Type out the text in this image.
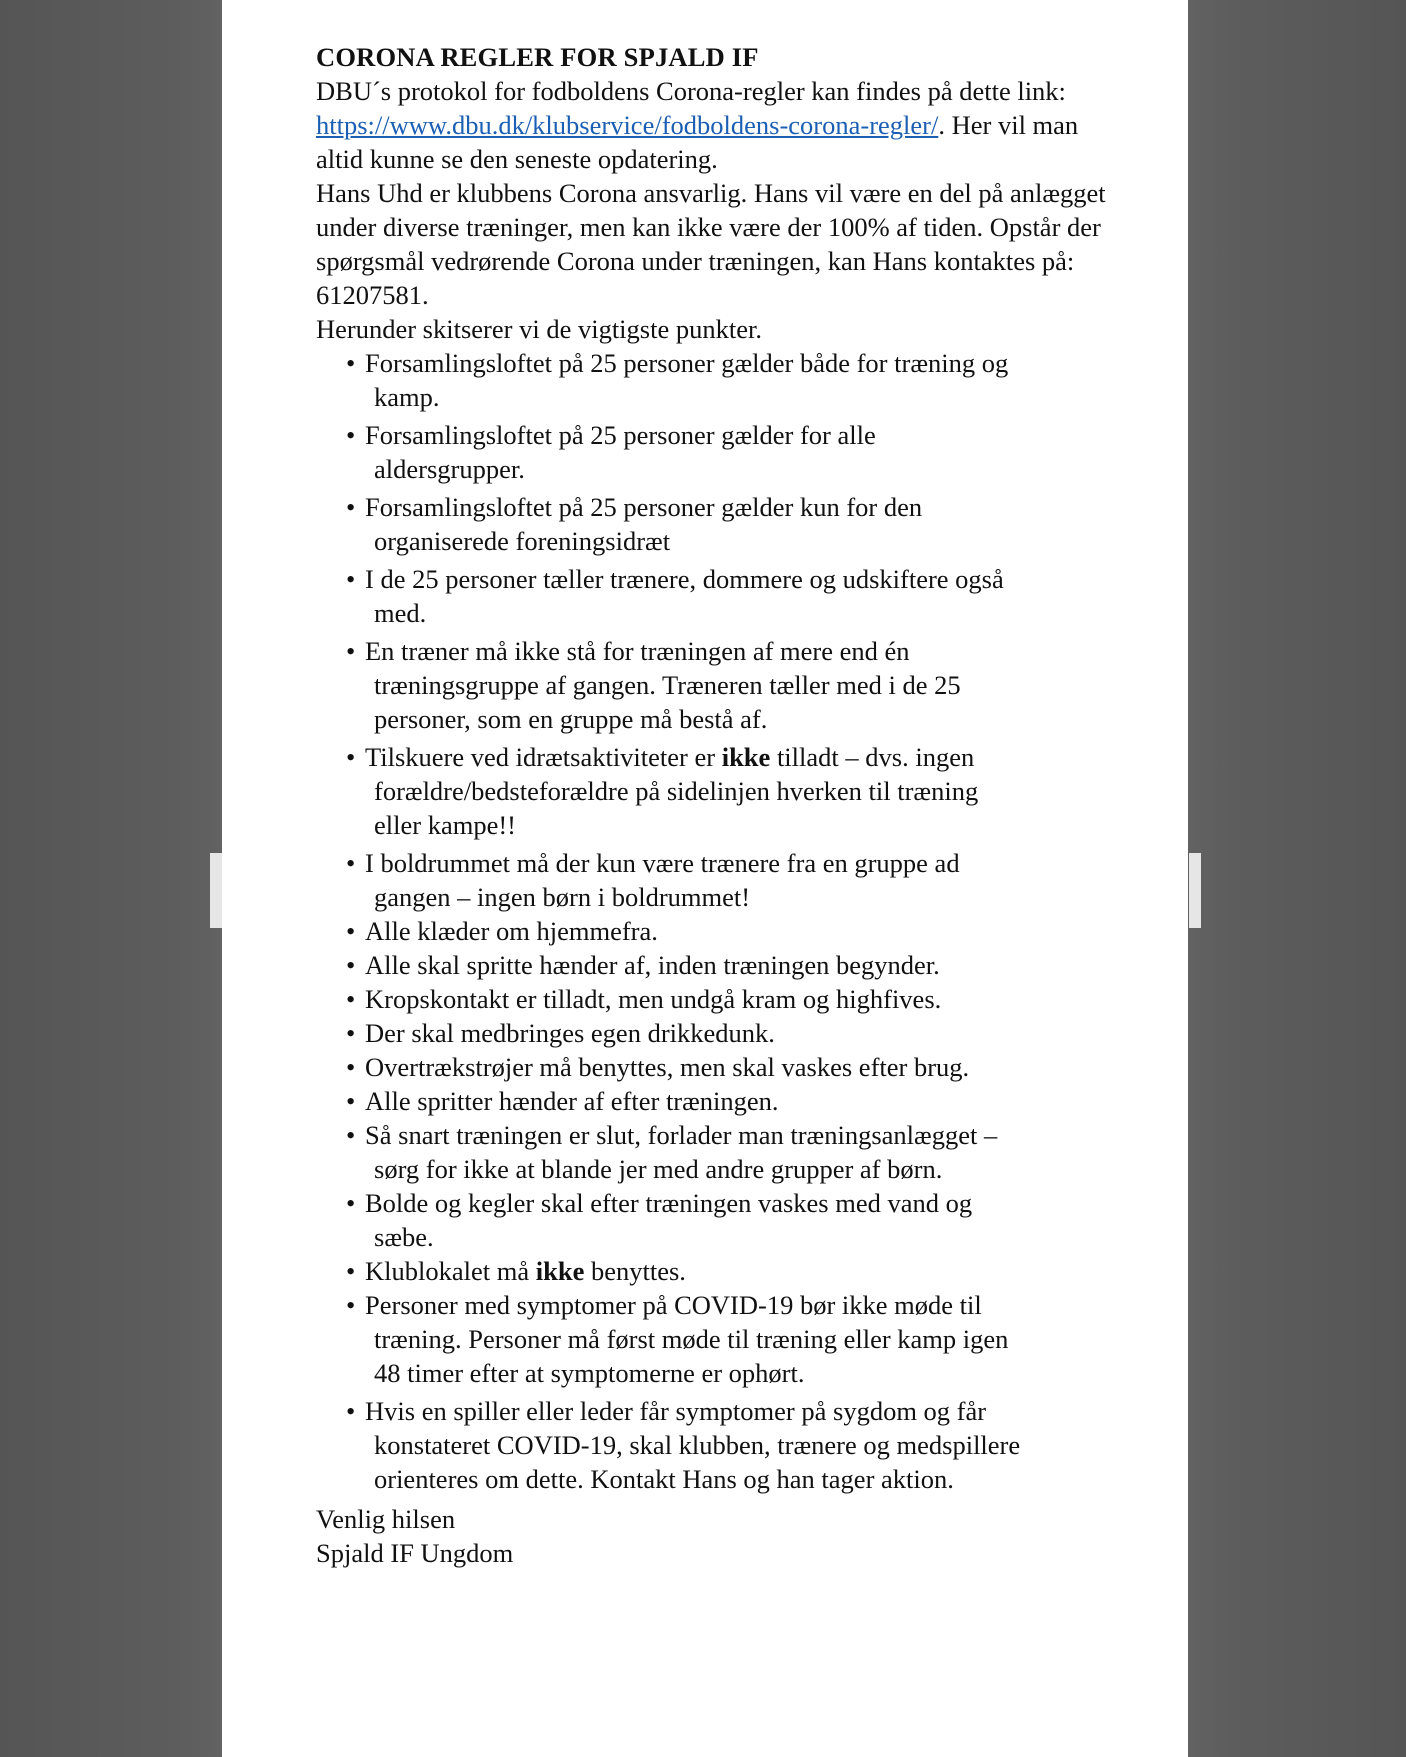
CORONA REGLER FOR SPJALD IF

DBU´s protokol for fodboldens Corona-regler kan findes på dette link:
https://www.dbu.dk/klubservice/fodboldens-corona-regler/. Her vil man altid kunne se den seneste opdatering.

Hans Uhd er klubbens Corona ansvarlig. Hans vil være en del på anlægget under diverse træninger, men kan ikke være der 100% af tiden. Opstår der spørgsmål vedrørende Corona under træningen, kan Hans kontaktes på: 61207581.

Herunder skitserer vi de vigtigste punkter.

• Forsamlingsloftet på 25 personer gælder både for træning og
kamp.
• Forsamlingsloftet på 25 personer gælder for alle
aldersgrupper.
• Forsamlingsloftet på 25 personer gælder kun for den
organiserede foreningsidræt
• I de 25 personer tæller trænere, dommere og udskiftere også
med.
• En træner må ikke stå for træningen af mere end én
træningsgruppe af gangen. Træneren tæller med i de 25
personer, som en gruppe må bestå af.
• Tilskuere ved idrætsaktiviteter er ikke tilladt – dvs. ingen
forældre/bedsteforældre på sidelinjen hverken til træning
eller kampe!!
• I boldrummet må der kun være trænere fra en gruppe ad
gangen – ingen børn i boldrummet!
• Alle klæder om hjemmefra.
• Alle skal spritte hænder af, inden træningen begynder.
• Kropskontakt er tilladt, men undgå kram og highfives.
• Der skal medbringes egen drikkedunk.
• Overtrækstrøjer må benyttes, men skal vaskes efter brug.
• Alle spritter hænder af efter træningen.
• Så snart træningen er slut, forlader man træningsanlægget –
sørg for ikke at blande jer med andre grupper af børn.
• Bolde og kegler skal efter træningen vaskes med vand og
sæbe.
• Klublokalet må ikke benyttes.
• Personer med symptomer på COVID-19 bør ikke møde til
træning. Personer må først møde til træning eller kamp igen
48 timer efter at symptomerne er ophørt.
• Hvis en spiller eller leder får symptomer på sygdom og får
konstateret COVID-19, skal klubben, trænere og medspillere
orienteres om dette. Kontakt Hans og han tager aktion.

Venlig hilsen

Spjald IF Ungdom
